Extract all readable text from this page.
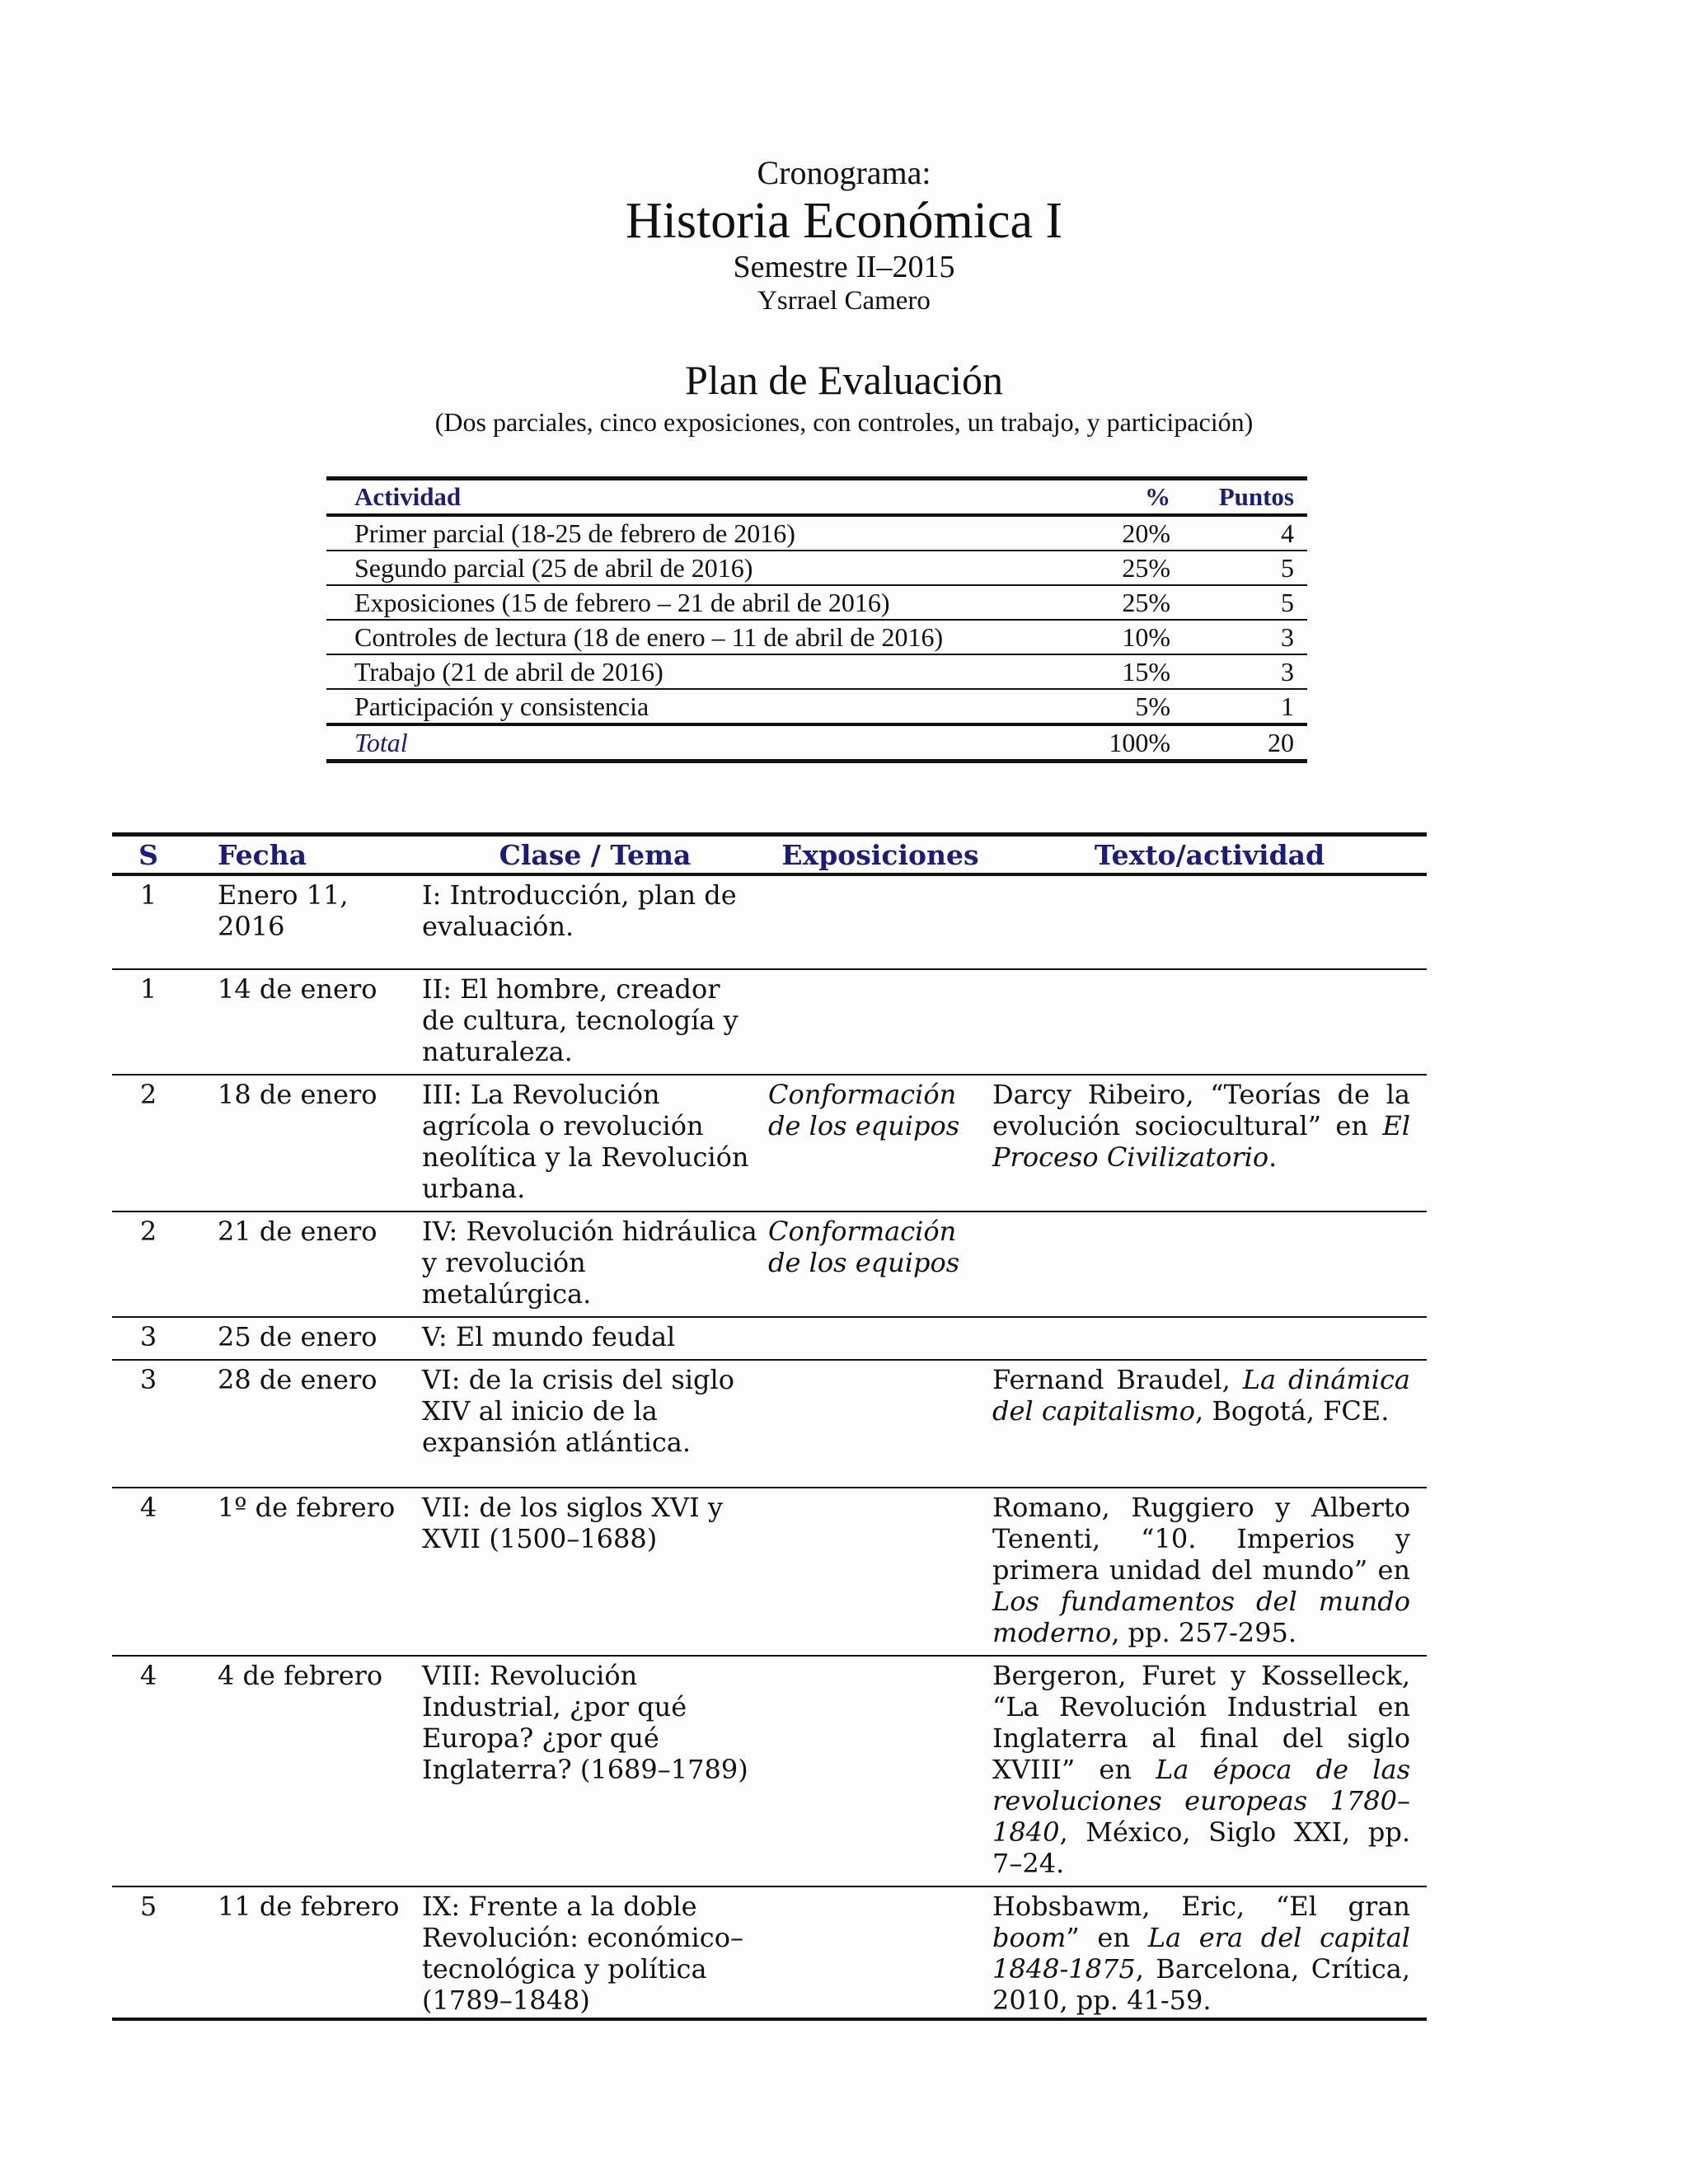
Cronograma:
Historia Económica I
Semestre II–2015
Ysrrael Camero
Plan de Evaluación
(Dos parciales, cinco exposiciones, con controles, un trabajo, y participación)
Actividad	%	Puntos
Primer parcial (18-25 de febrero de 2016)	20%	4
Segundo parcial (25 de abril de 2016)	25%	5
Exposiciones (15 de febrero – 21 de abril de 2016)	25%	5
Controles de lectura (18 de enero – 11 de abril de 2016)	10%	3
Trabajo (21 de abril de 2016)	15%	3
Participación y consistencia	5%	1
Total	100%	20
S	Fecha	Clase / Tema	Exposiciones	Texto/actividad
1	Enero 11, 2016	I: Introducción, plan de evaluación.		
1	14 de enero	II: El hombre, creador de cultura, tecnología y naturaleza.		
2	18 de enero	III: La Revolución agrícola o revolución neolítica y la Revolución urbana.	Conformación de los equipos	Darcy Ribeiro, “Teorías de la evolución sociocultural” en El Proceso Civilizatorio.
2	21 de enero	IV: Revolución hidráulica y revolución metalúrgica.	Conformación de los equipos	
3	25 de enero	V: El mundo feudal		
3	28 de enero	VI: de la crisis del siglo XIV al inicio de la expansión atlántica.		Fernand Braudel, La dinámica del capitalismo, Bogotá, FCE.
4	1º de febrero	VII: de los siglos XVI y XVII (1500–1688)		Romano, Ruggiero y Alberto Tenenti, “10. Imperios y primera unidad del mundo” en Los fundamentos del mundo moderno, pp. 257-295.
4	4 de febrero	VIII: Revolución Industrial, ¿por qué Europa? ¿por qué Inglaterra? (1689–1789)		Bergeron, Furet y Kosselleck, “La Revolución Industrial en Inglaterra al final del siglo XVIII” en La época de las revoluciones europeas 1780–1840, México, Siglo XXI, pp. 7–24.
5	11 de febrero	IX: Frente a la doble Revolución: económico–tecnológica y política (1789–1848)		Hobsbawm, Eric, “El gran boom” en La era del capital 1848-1875, Barcelona, Crítica, 2010, pp. 41-59.
